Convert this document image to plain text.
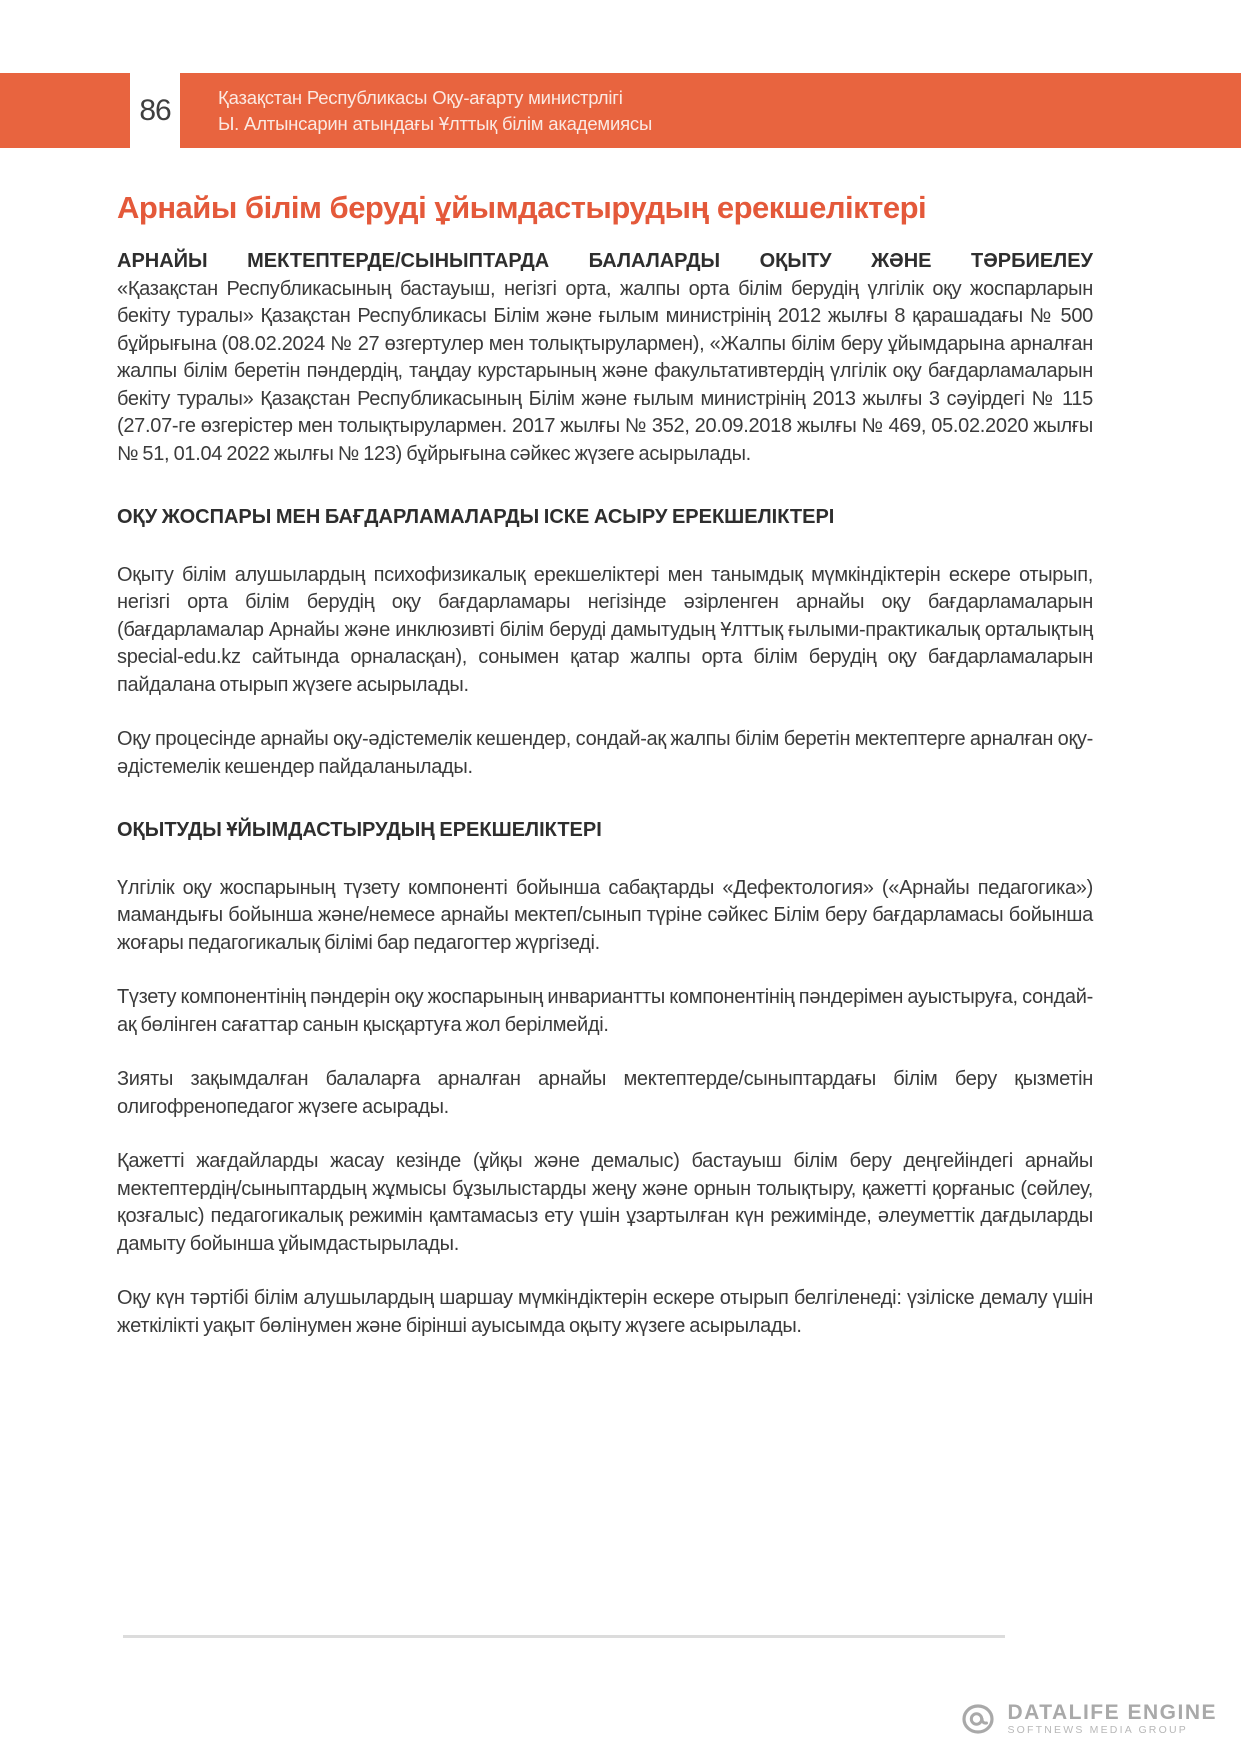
86	Қазақстан Республикасы Оқу-ағарту министрлігі
Ы. Алтынсарин атындағы Ұлттық білім академиясы
Арнайы білім беруді ұйымдастырудың ерекшеліктері
АРНАЙЫ МЕКТЕПТЕРДЕ/СЫНЫПТАРДА БАЛАЛАРДЫ ОҚЫТУ ЖӘНЕ ТӘРБИЕЛЕУ

«Қазақстан Республикасының бастауыш, негізгі орта, жалпы орта білім берудің үлгілік оқу жоспарларын бекіту туралы» Қазақстан Республикасы Білім және ғылым министрінің 2012 жылғы 8 қарашадағы № 500 бұйрығына (08.02.2024 № 27 өзгертулер мен толықтырулармен), «Жалпы білім беру ұйымдарына арналған жалпы білім беретін пәндердің, таңдау курстарының және факультативтердің үлгілік оқу бағдарламаларын бекіту туралы» Қазақстан Республикасының Білім және ғылым министрінің 2013 жылғы 3 сәуірдегі № 115 (27.07-ге өзгерістер мен толықтырулармен. 2017 жылғы № 352, 20.09.2018 жылғы № 469, 05.02.2020 жылғы № 51, 01.04 2022 жылғы № 123) бұйрығына сәйкес жүзеге асырылады.

ОҚУ ЖОСПАРЫ МЕН БАҒДАРЛАМАЛАРДЫ ІСКЕ АСЫРУ ЕРЕКШЕЛІКТЕРІ

Оқыту білім алушылардың психофизикалық ерекшеліктері мен танымдық мүмкіндіктерін ескере отырып, негізгі орта білім берудің оқу бағдарламары негізінде әзірленген арнайы оқу бағдарламаларын (бағдарламалар Арнайы және инклюзивті білім беруді дамытудың Ұлттық ғылыми-практикалық орталықтың special-edu.kz сайтында орналасқан), сонымен қатар жалпы орта білім берудің оқу бағдарламаларын пайдалана отырып жүзеге асырылады.

Оқу процесінде арнайы оқу-әдістемелік кешендер, сондай-ақ жалпы білім беретін мектептерге арналған оқу-әдістемелік кешендер пайдаланылады.

ОҚЫТУДЫ ҰЙЫМДАСТЫРУДЫҢ ЕРЕКШЕЛІКТЕРІ

Үлгілік оқу жоспарының түзету компоненті бойынша сабақтарды «Дефектология» («Арнайы педагогика») мамандығы бойынша және/немесе арнайы мектеп/сынып түріне сәйкес Білім беру бағдарламасы бойынша жоғары педагогикалық білімі бар педагогтер жүргізеді.

Түзету компонентінің пәндерін оқу жоспарының инвариантты компонентінің пәндерімен ауыстыруға, сондай-ақ бөлінген сағаттар санын қысқартуға жол берілмейді.

Зияты зақымдалған балаларға арналған арнайы мектептерде/сыныптардағы білім беру қызметін олигофренопедагог жүзеге асырады.

Қажетті жағдайларды жасау кезінде (ұйқы және демалыс) бастауыш білім беру деңгейіндегі арнайы мектептердің/сыныптардың жұмысы бұзылыстарды жеңу және орнын толықтыру, қажетті қорғаныс (сөйлеу, қозғалыс) педагогикалық режимін қамтамасыз ету үшін ұзартылған күн режимінде, әлеуметтік дағдыларды дамыту бойынша ұйымдастырылады.

Оқу күн тәртібі білім алушылардың шаршау мүмкіндіктерін ескере отырып белгіленеді: үзіліске демалу үшін жеткілікті уақыт бөлінумен және бірінші ауысымда оқыту жүзеге асырылады.

DATALIFE ENGINE
SOFTNEWS MEDIA GROUP
